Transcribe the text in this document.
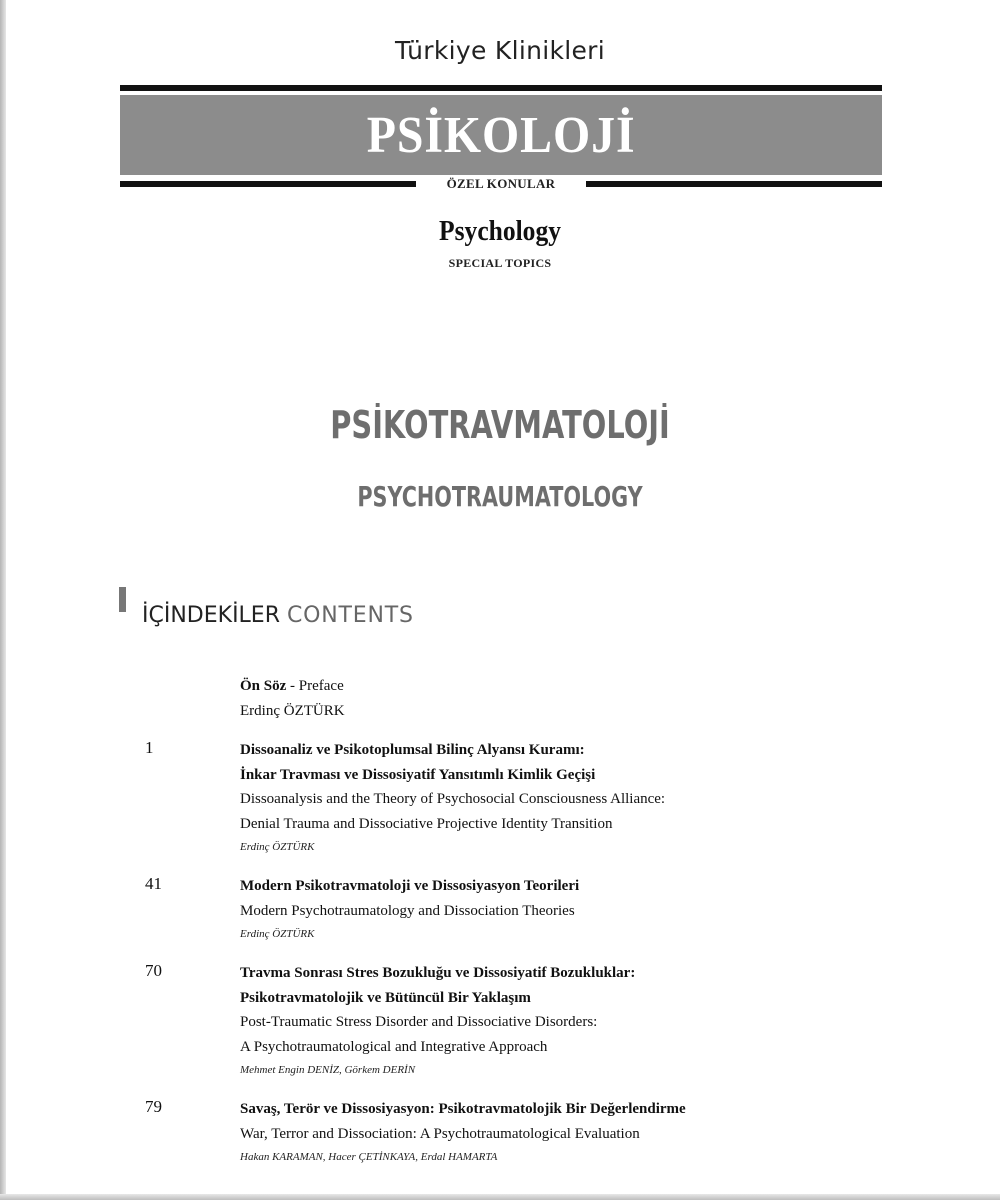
Türkiye Klinikleri
PSİKOLOJİ
ÖZEL KONULAR
Psychology
SPECIAL TOPICS
PSİKOTRAVMATOLOJİ
PSYCHOTRAUMATOLOGY
İÇİNDEKİLER CONTENTS
Ön Söz - Preface
Erdinç ÖZTÜRK
1	Dissoanaliz ve Psikotoplumsal Bilinç Alyansı Kuramı:
İnkar Travması ve Dissosiyatif Yansıtımlı Kimlik Geçişi
Dissoanalysis and the Theory of Psychosocial Consciousness Alliance:
Denial Trauma and Dissociative Projective Identity Transition
Erdinç ÖZTÜRK
41	Modern Psikotravmatoloji ve Dissosiyasyon Teorileri
Modern Psychotraumatology and Dissociation Theories
Erdinç ÖZTÜRK
70	Travma Sonrası Stres Bozukluğu ve Dissosiyatif Bozukluklar:
Psikotravmatolojik ve Bütüncül Bir Yaklaşım
Post-Traumatic Stress Disorder and Dissociative Disorders:
A Psychotraumatological and Integrative Approach
Mehmet Engin DENİZ, Görkem DERİN
79	Savaş, Terör ve Dissosiyasyon: Psikotravmatolojik Bir Değerlendirme
War, Terror and Dissociation: A Psychotraumatological Evaluation
Hakan KARAMAN, Hacer ÇETİNKAYA, Erdal HAMARTA
